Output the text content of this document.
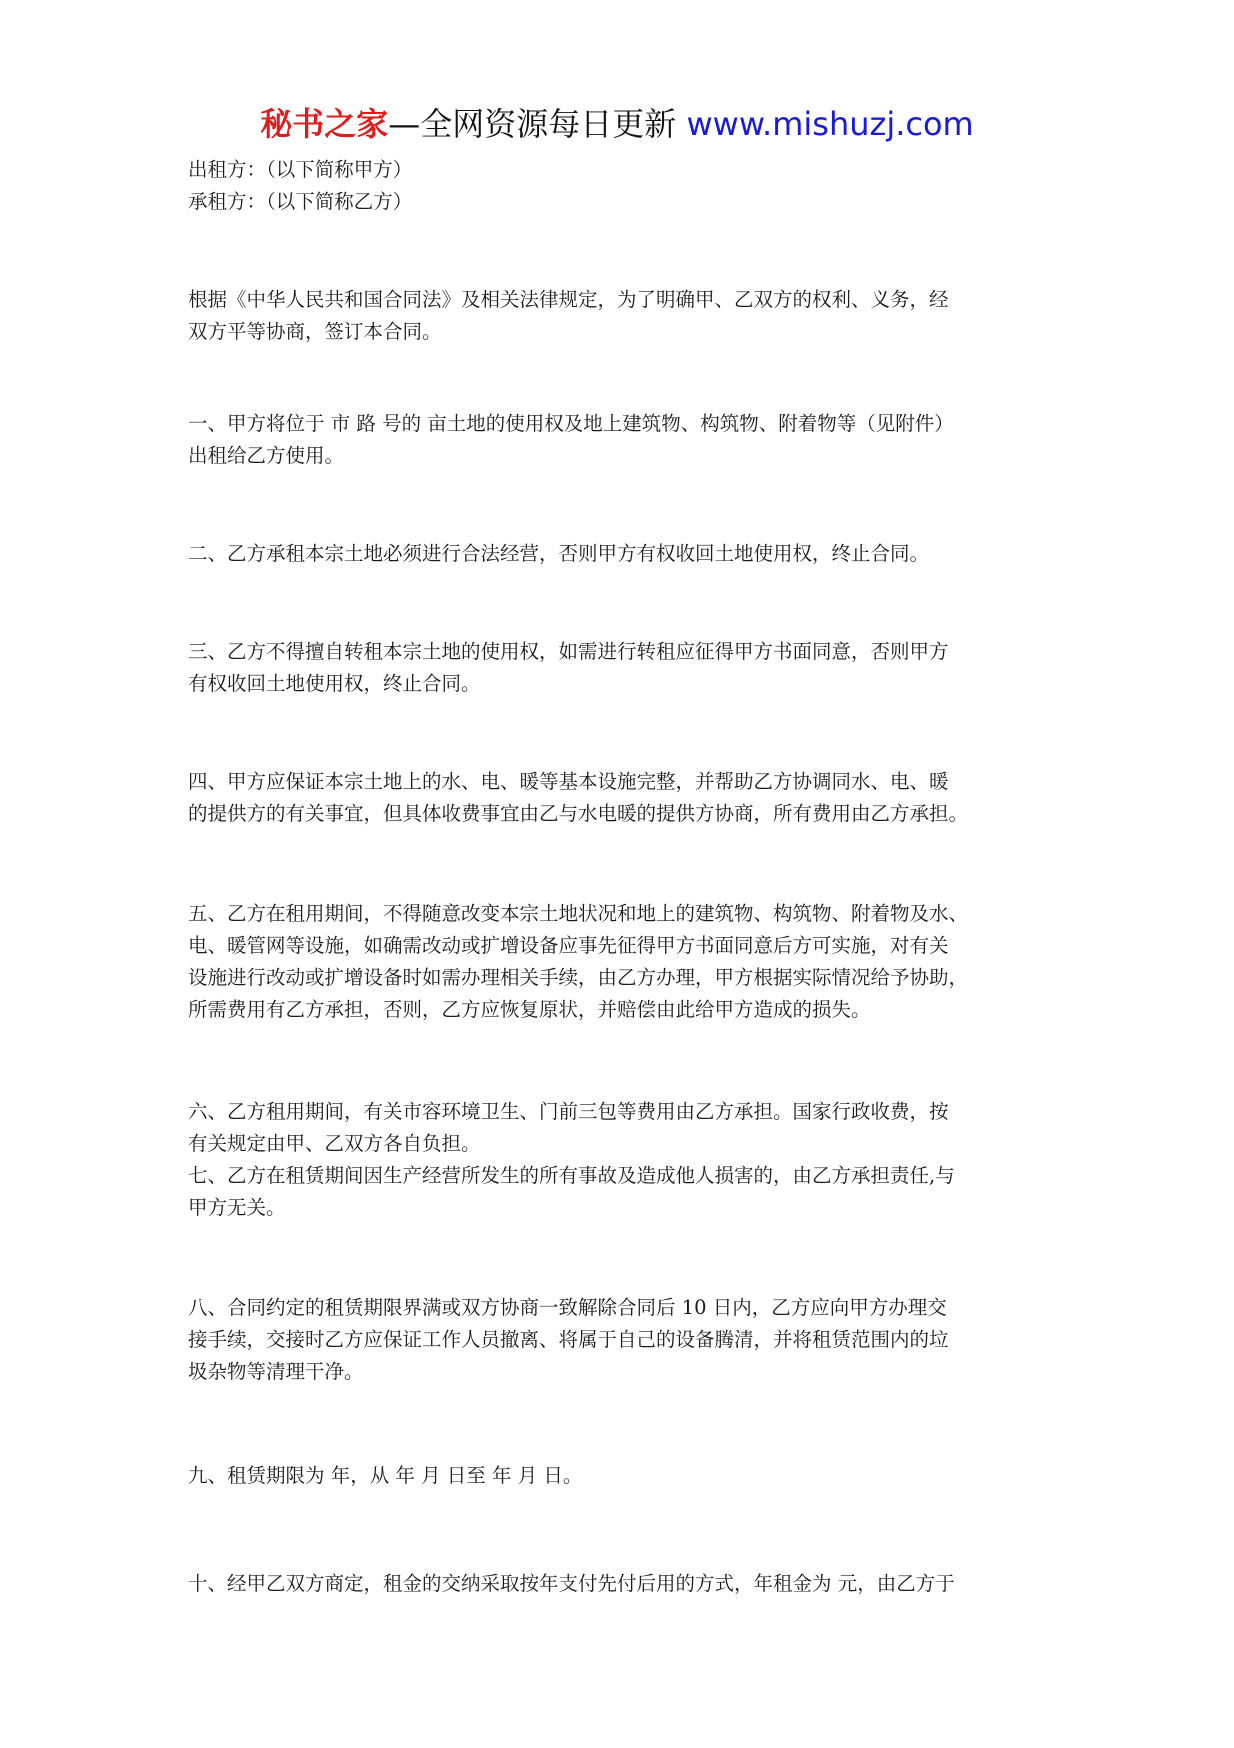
秘书之家—全网资源每日更新 www.mishuzj.com
出租方：（以下简称甲方）
承租方：（以下简称乙方）
根据《中华人民共和国合同法》及相关法律规定，为了明确甲、乙双方的权利、义务，经
双方平等协商，签订本合同。
一、甲方将位于 市 路 号的 亩土地的使用权及地上建筑物、构筑物、附着物等（见附件）
出租给乙方使用。
二、乙方承租本宗土地必须进行合法经营，否则甲方有权收回土地使用权，终止合同。
三、乙方不得擅自转租本宗土地的使用权，如需进行转租应征得甲方书面同意，否则甲方
有权收回土地使用权，终止合同。
四、甲方应保证本宗土地上的水、电、暖等基本设施完整，并帮助乙方协调同水、电、暖
的提供方的有关事宜，但具体收费事宜由乙与水电暖的提供方协商，所有费用由乙方承担。
五、乙方在租用期间，不得随意改变本宗土地状况和地上的建筑物、构筑物、附着物及水、
电、暖管网等设施，如确需改动或扩增设备应事先征得甲方书面同意后方可实施，对有关
设施进行改动或扩增设备时如需办理相关手续，由乙方办理，甲方根据实际情况给予协助，
所需费用有乙方承担，否则，乙方应恢复原状，并赔偿由此给甲方造成的损失。
六、乙方租用期间，有关市容环境卫生、门前三包等费用由乙方承担。国家行政收费，按
有关规定由甲、乙双方各自负担。
七、乙方在租赁期间因生产经营所发生的所有事故及造成他人损害的，由乙方承担责任,与
甲方无关。
八、合同约定的租赁期限界满或双方协商一致解除合同后 10 日内，乙方应向甲方办理交
接手续，交接时乙方应保证工作人员撤离、将属于自己的设备腾清，并将租赁范围内的垃
圾杂物等清理干净。
九、租赁期限为 年，从 年 月 日至 年 月 日。
十、经甲乙双方商定，租金的交纳采取按年支付先付后用的方式，年租金为 元，由乙方于
